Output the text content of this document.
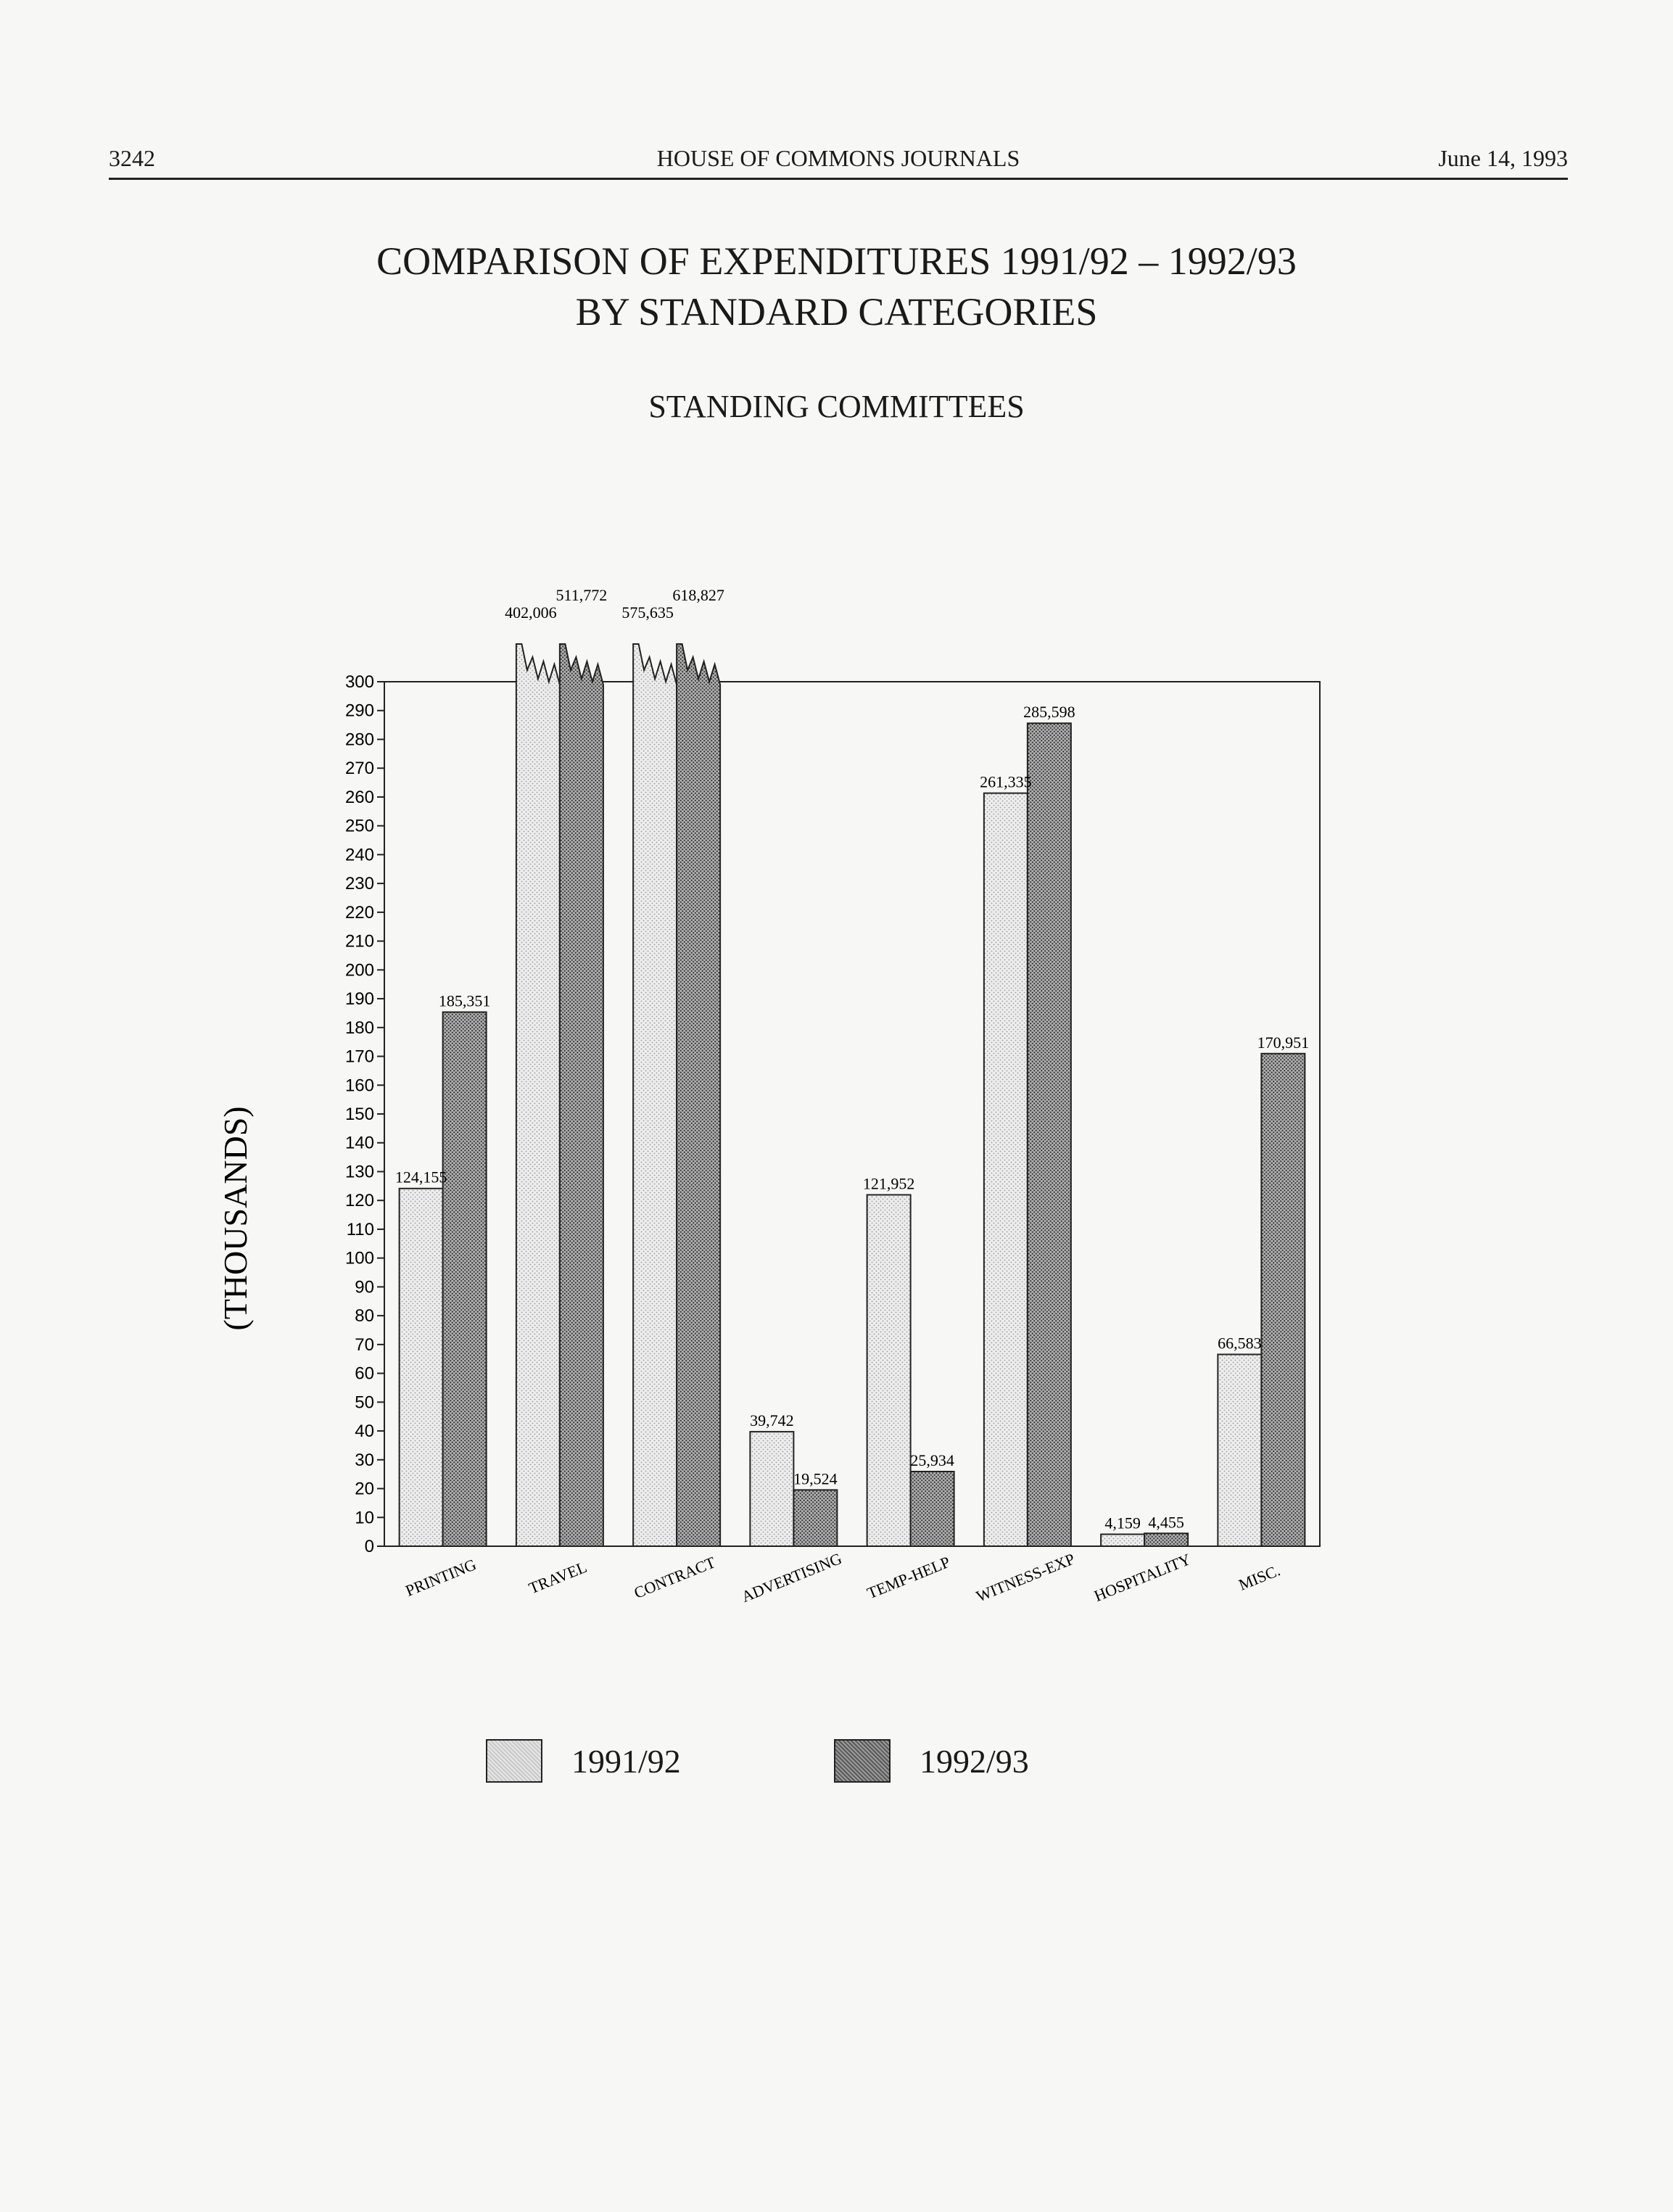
3242	HOUSE OF COMMONS JOURNALS	June 14, 1993
COMPARISON OF EXPENDITURES 1991/92 – 1992/93
BY STANDARD CATEGORIES
STANDING COMMITTEES
0
10
20
30
40
50
60
70
80
90
100
110
120
130
140
150
160
170
180
190
200
210
220
230
240
250
260
270
280
290
300
124,155
185,351
402,006
511,772
575,635
618,827
39,742
19,524
121,952
25,934
261,335
285,598
4,159 4,455
66,583
170,951
PRINTING	TRAVEL	CONTRACT ADVERTISING TEMP-HELP WITNESS-EXP HOSPITALITY	MISC.
(THOUSANDS)
1991/92	1992/93
